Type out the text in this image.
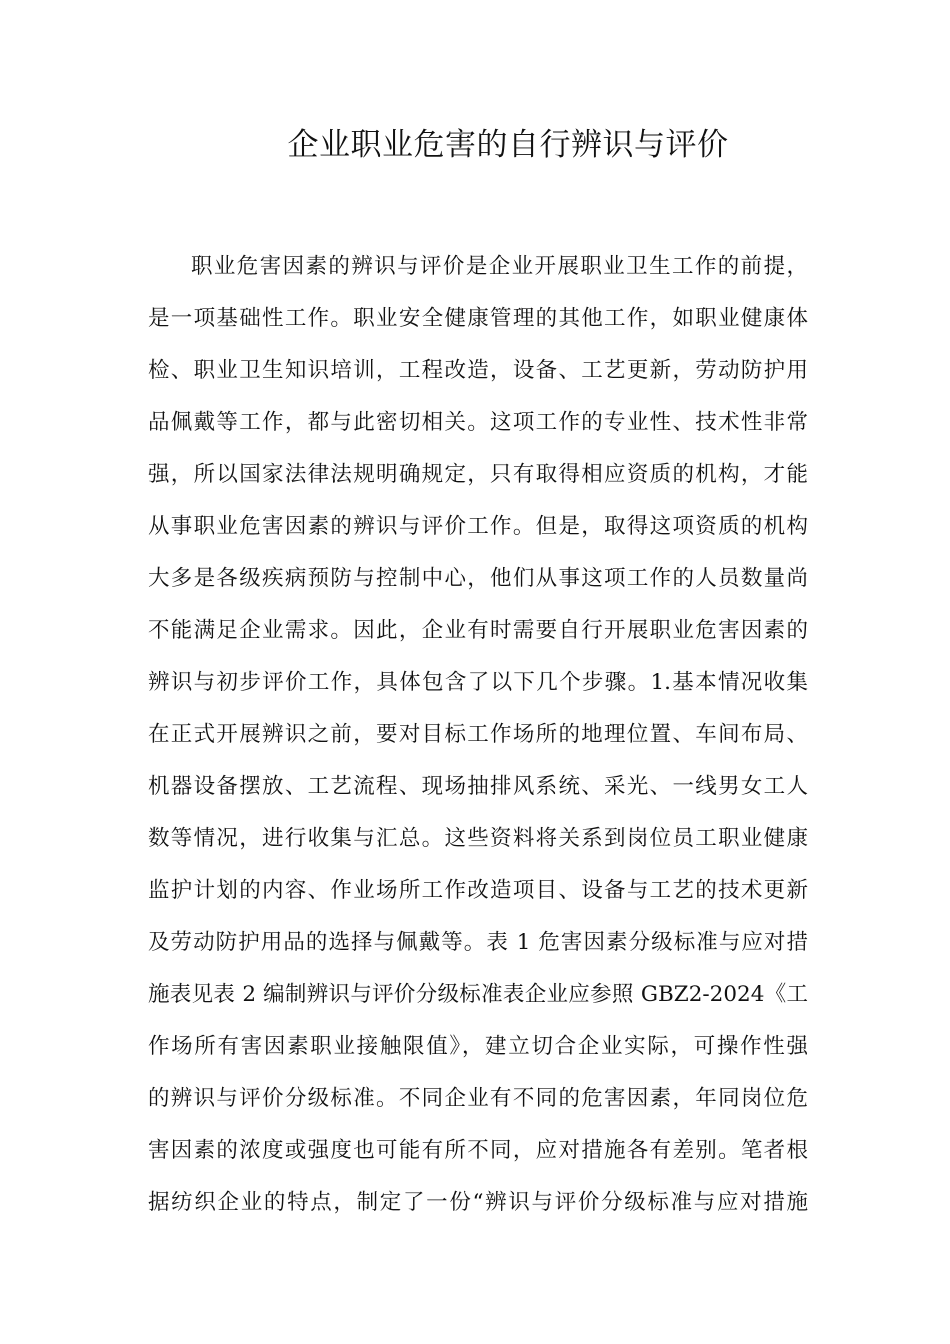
企业职业危害的自行辨识与评价
职业危害因素的辨识与评价是企业开展职业卫生工作的前提，
是一项基础性工作。职业安全健康管理的其他工作，如职业健康体
检、职业卫生知识培训，工程改造，设备、工艺更新，劳动防护用
品佩戴等工作，都与此密切相关。这项工作的专业性、技术性非常
强，所以国家法律法规明确规定，只有取得相应资质的机构，才能
从事职业危害因素的辨识与评价工作。但是，取得这项资质的机构
大多是各级疾病预防与控制中心，他们从事这项工作的人员数量尚
不能满足企业需求。因此，企业有时需要自行开展职业危害因素的
辨识与初步评价工作，具体包含了以下几个步骤。1.基本情况收集
在正式开展辨识之前，要对目标工作场所的地理位置、车间布局、
机器设备摆放、工艺流程、现场抽排风系统、采光、一线男女工人
数等情况，进行收集与汇总。这些资料将关系到岗位员工职业健康
监护计划的内容、作业场所工作改造项目、设备与工艺的技术更新
及劳动防护用品的选择与佩戴等。表 1 危害因素分级标准与应对措
施表见表 2 编制辨识与评价分级标准表企业应参照 GBZ2-2024《工
作场所有害因素职业接触限值》，建立切合企业实际，可操作性强
的辨识与评价分级标准。不同企业有不同的危害因素，年同岗位危
害因素的浓度或强度也可能有所不同，应对措施各有差别。笔者根
据纺织企业的特点，制定了一份“辨识与评价分级标准与应对措施
